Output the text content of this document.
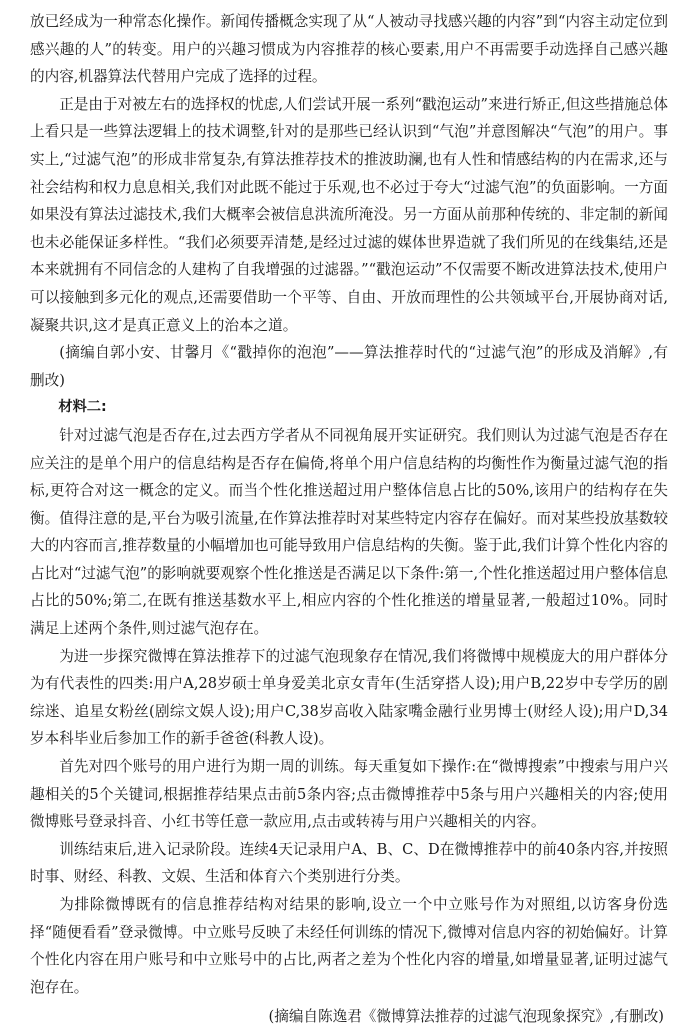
放已经成为一种常态化操作。新闻传播概念实现了从“人被动寻找感兴趣的内容”到“内容主动定位到感兴趣的人”的转变。用户的兴趣习惯成为内容推荐的核心要素,用户不再需要手动选择自己感兴趣的内容,机器算法代替用户完成了选择的过程。

正是由于对被左右的选择权的忧虑,人们尝试开展一系列“戳泡运动”来进行矫正,但这些措施总体上看只是一些算法逻辑上的技术调整,针对的是那些已经认识到“气泡”并意图解决“气泡”的用户。事实上,“过滤气泡”的形成非常复杂,有算法推荐技术的推波助澜,也有人性和情感结构的内在需求,还与社会结构和权力息息相关,我们对此既不能过于乐观,也不必过于夸大“过滤气泡”的负面影响。一方面如果没有算法过滤技术,我们大概率会被信息洪流所淹没。另一方面从前那种传统的、非定制的新闻也未必能保证多样性。“我们必须要弄清楚,是经过过滤的媒体世界造就了我们所见的在线集结,还是本来就拥有不同信念的人建构了自我增强的过滤器。”“戳泡运动”不仅需要不断改进算法技术,使用户可以接触到多元化的观点,还需要借助一个平等、自由、开放而理性的公共领域平台,开展协商对话,凝聚共识,这才是真正意义上的治本之道。

(摘编自郭小安、甘馨月《“戳掉你的泡泡”——算法推荐时代的“过滤气泡”的形成及消解》,有删改)

材料二:

针对过滤气泡是否存在,过去西方学者从不同视角展开实证研究。我们则认为过滤气泡是否存在应关注的是单个用户的信息结构是否存在偏倚,将单个用户信息结构的均衡性作为衡量过滤气泡的指标,更符合对这一概念的定义。而当个性化推送超过用户整体信息占比的50%,该用户的结构存在失衡。值得注意的是,平台为吸引流量,在作算法推荐时对某些特定内容存在偏好。而对某些投放基数较大的内容而言,推荐数量的小幅增加也可能导致用户信息结构的失衡。鉴于此,我们计算个性化内容的占比对“过滤气泡”的影响就要观察个性化推送是否满足以下条件:第一,个性化推送超过用户整体信息占比的50%;第二,在既有推送基数水平上,相应内容的个性化推送的增量显著,一般超过10%。同时满足上述两个条件,则过滤气泡存在。

为进一步探究微博在算法推荐下的过滤气泡现象存在情况,我们将微博中规模庞大的用户群体分为有代表性的四类:用户A,28岁硕士单身爱美北京女青年(生活穿搭人设);用户B,22岁中专学历的剧综迷、追星女粉丝(剧综文娱人设);用户C,38岁高收入陆家嘴金融行业男博士(财经人设);用户D,34岁本科毕业后参加工作的新手爸爸(科教人设)。

首先对四个账号的用户进行为期一周的训练。每天重复如下操作:在“微博搜索”中搜索与用户兴趣相关的5个关键词,根据推荐结果点击前5条内容;点击微博推荐中5条与用户兴趣相关的内容;使用微博账号登录抖音、小红书等任意一款应用,点击或转祷与用户兴趣相关的内容。

训练结束后,进入记录阶段。连续4天记录用户A、B、C、D在微博推荐中的前40条内容,并按照时事、财经、科教、文娱、生活和体育六个类别进行分类。

为排除微博既有的信息推荐结构对结果的影响,设立一个中立账号作为对照组,以访客身份选择“随便看看”登录微博。中立账号反映了未经任何训练的情况下,微博对信息内容的初始偏好。计算个性化内容在用户账号和中立账号中的占比,两者之差为个性化内容的增量,如增量显著,证明过滤气泡存在。

(摘编自陈逸君《微博算法推荐的过滤气泡现象探究》,有删改)
